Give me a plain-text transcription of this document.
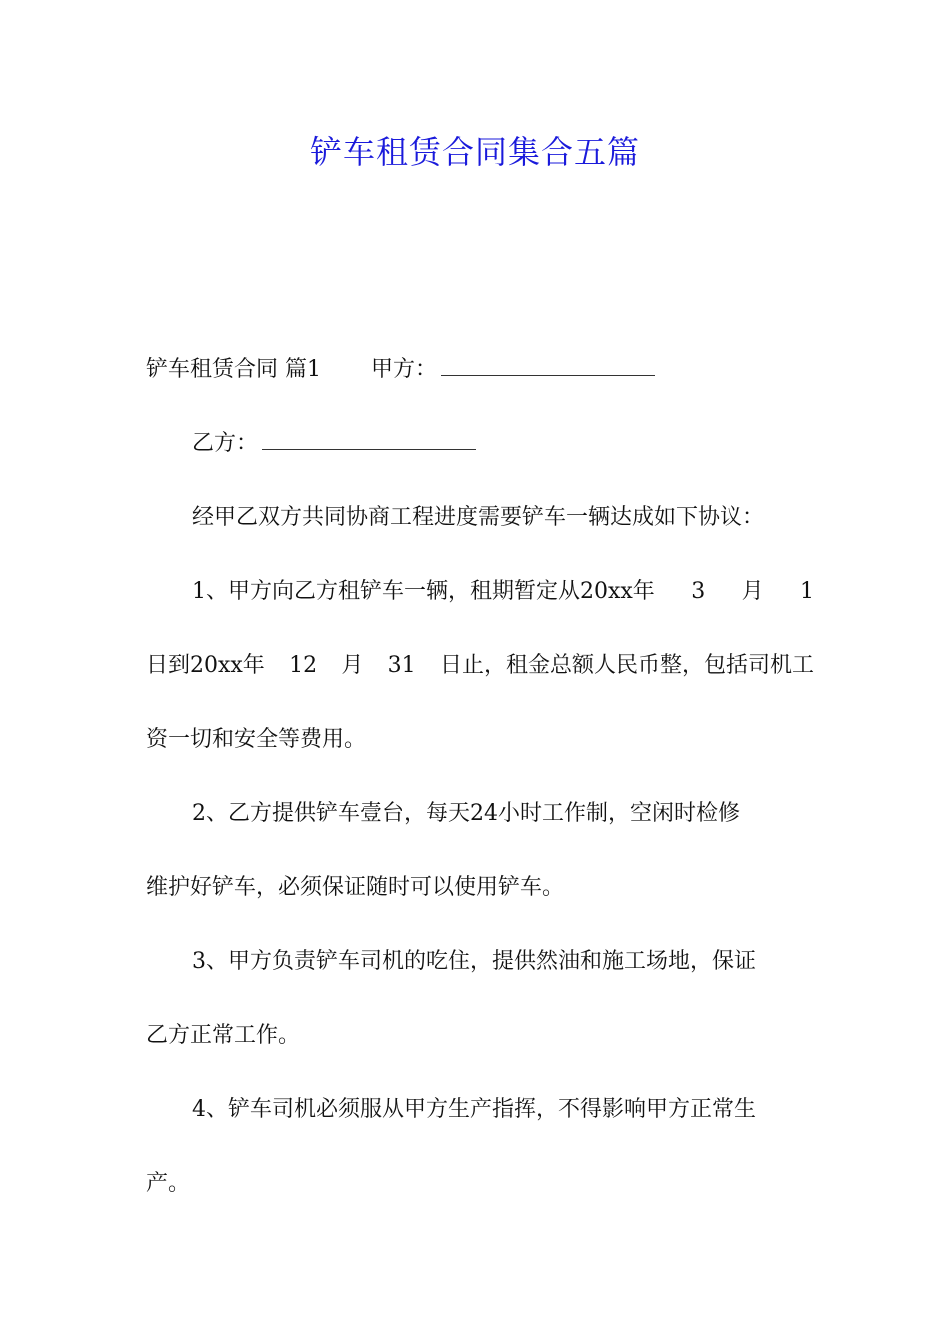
铲车租赁合同集合五篇
铲车租赁合同 篇1 甲方：
乙方：
经甲乙双方共同协商工程进度需要铲车一辆达成如下协议：
1、甲方向乙方租铲车一辆，租期暂定从20xx年 3 月 1
日到20xx年 12 月 31 日止，租金总额人民币整，包括司机工
资一切和安全等费用。
2、乙方提供铲车壹台，每天24小时工作制，空闲时检修
维护好铲车，必须保证随时可以使用铲车。
3、甲方负责铲车司机的吃住，提供然油和施工场地，保证
乙方正常工作。
4、铲车司机必须服从甲方生产指挥，不得影响甲方正常生
产。
